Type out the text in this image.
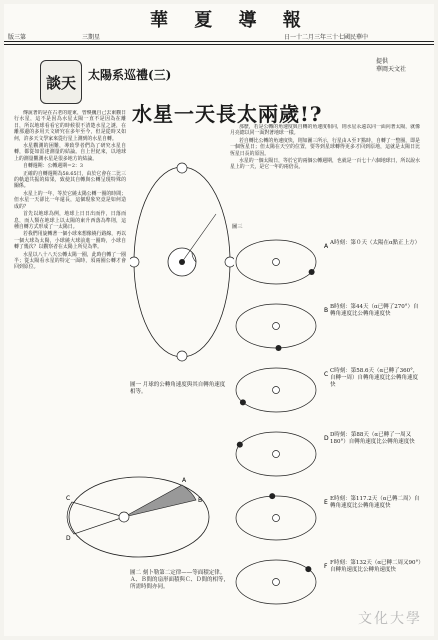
版三第	三期星
華 夏 導 報
日一十二月三年三十七國民華中
談天	太陽系巡禮(三)
提供
華岡天文社
水星一天長太兩歲!?

傳說著的是在古老的遊東，曾煥巍自己去東觀日行水星，這不是因為水星太陽一直不是因為在離日，所以地球看看它的時候很不清楚水星之謎，在離那邊的多用天文研究在多年至今，但是從時又如何，許多天文學家來從行星上測到的水星自轉。

水星觀測的困難，導致學者們為了研究水星自轉，都從如雷達測量的結論。自上世紀來，以地球上的測量觀測水星是很多地方的結論。

自轉週期：公轉週期＝2：3

正確的自轉週期為58.65日，由於它會在二比三的軌道共振的結果，致使其自轉與公轉呈現特殊的關係。

水星上的一年，等於它繞太陽公轉一圈的時間；但水星一天卻比一年還長，這個現象究竟是如何造成的？

首先以地球為例，地球上日日出而作，日落而息，而人類在地球上以太陽的東升西落為準則，這種自轉方式形成了一太陽日。

若我們用旋轉著一個小球來想像繞行路線，再以一個大球為太陽，小球繞大球前進一圈時，小球自轉了幾次？以觀察者在太陽上所見為準。

水星以八十八天公轉太陽一圈，此時自轉了一圈半；從太陽看水星的特定一面時，須兩圈公轉才會回到原位。

那麼，若是公轉的角速度與自轉的角速度相同，則水星永遠以同一面向著太陽，就像月亮總以同一面對著地球一樣。

若自轉比公轉的角速度快，則如圖三所示，行星由Ａ至Ｆ點時，自轉了一整圈，即是一個恆星日；但太陽在天空的位置，要等到星球轉得更多才回到原地，這就是太陽日比恆星日長的原因。

水星的一個太陽日，等於它的兩個公轉週期，也就是一百七十六個地球日，所以說水星上的一天，是它一年的兩倍長。

圖一 月球的公轉角速度與其自轉角速度相等。
C
D
A
B
圖二 刻卜勒第二定律——等面積定律。Ａ、Ｂ間的扇形面積與Ｃ、Ｄ間的相等，所需時間亦同。
圖三
A
B
C
D
E
F
文化大學
A時刻：第０天（太陽在α點正上方）
B時刻：第44天（α已轉了270°）自轉角速度比公轉角速度快
C時刻：第58.6天（α已轉了360°，自轉一周）自轉角速度比公轉角速度快
D時刻：第88天（α已轉了一周又180°）自轉角速度比公轉角速度快
E時刻：第117.2天（α已轉二周）自轉角速度比公轉角速度快
F時刻：第132天（α已轉二周又90°）自轉角速度比公轉角速度快
